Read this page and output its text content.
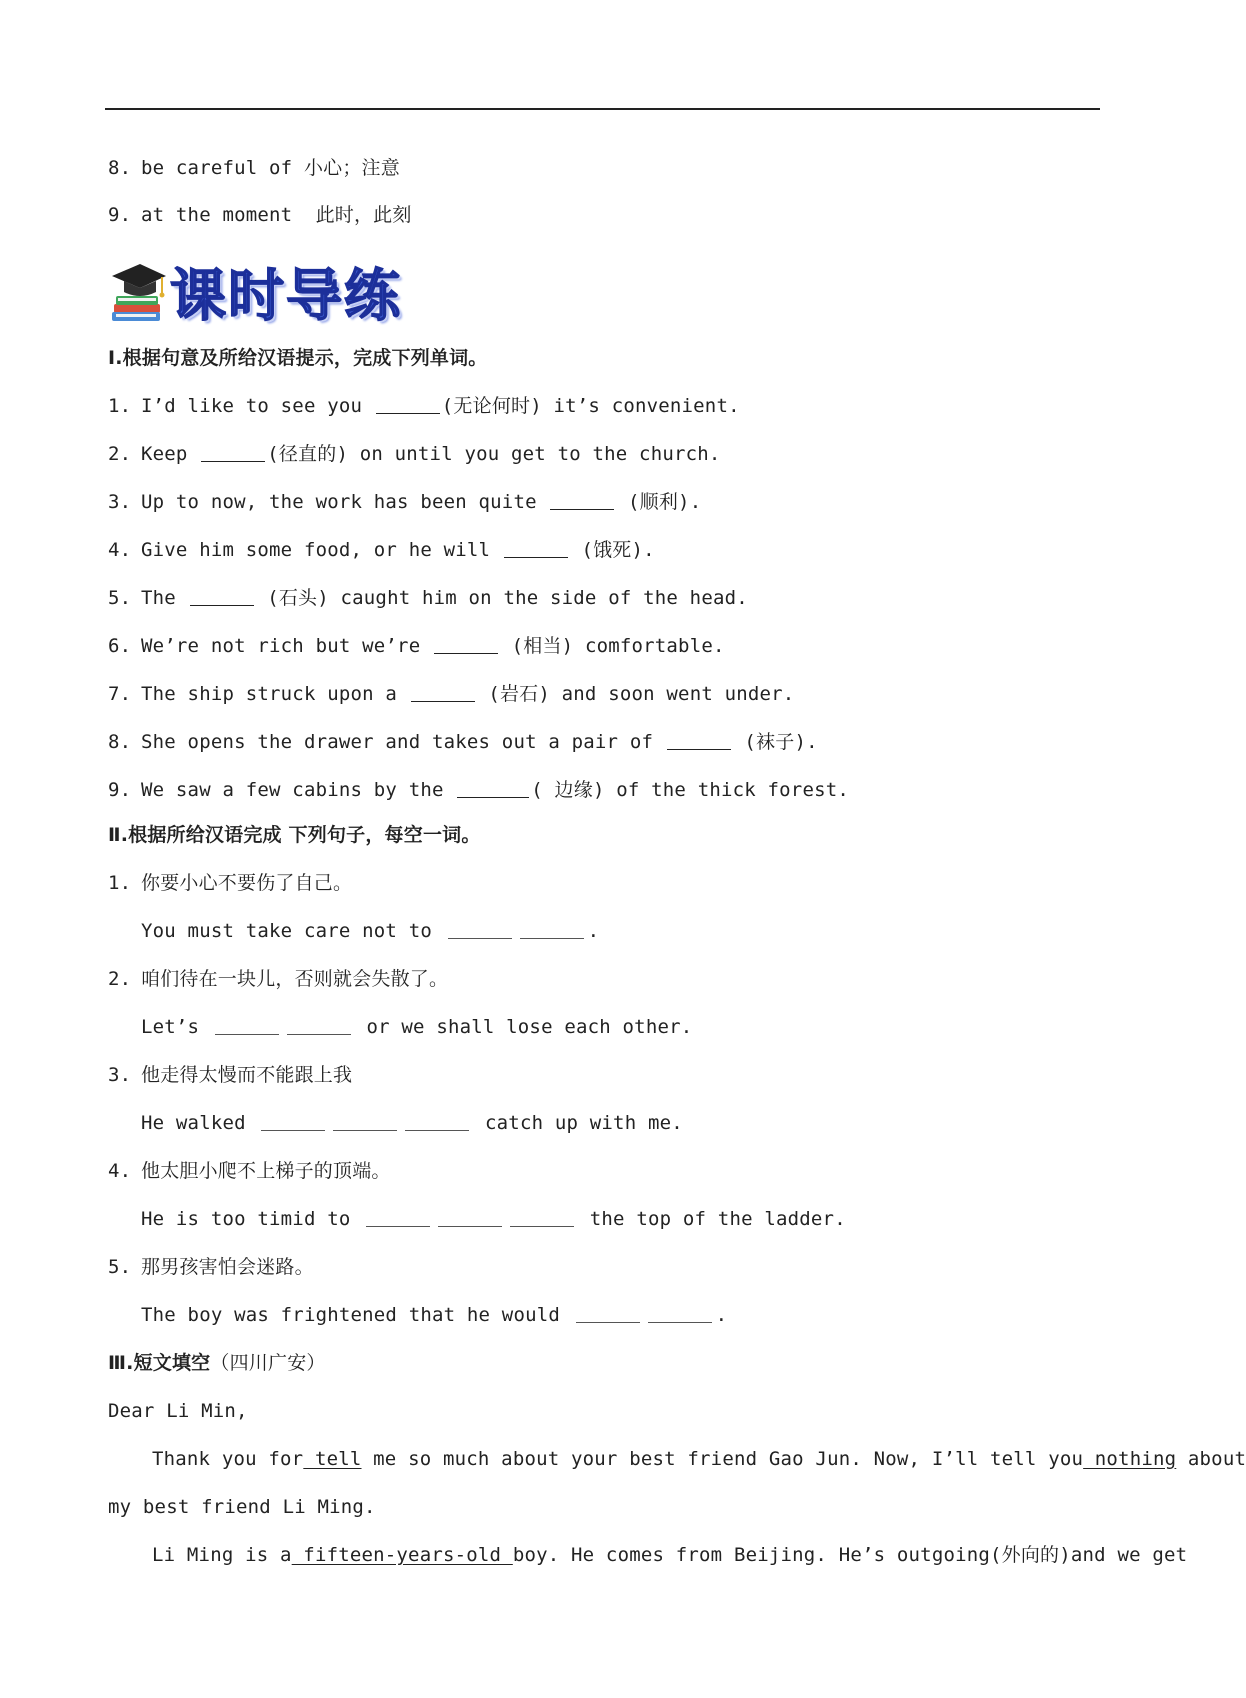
8. be careful of 小心；注意
9. at the moment  此时，此刻
课时导练
Ⅰ.根据句意及所给汉语提示，完成下列单词。
1. I’d like to see you	(无论何时) it’s convenient.
2. Keep	(径直的) on until you get to the church.
3. Up to now, the work has been quite	(顺利).
4. Give him some food, or he will	(饿死).
5. The	(石头) caught him on the side of the head.
6. We’re not rich but we’re	(相当) comfortable.
7. The ship struck upon a	(岩石) and soon went under.
8. She opens the drawer and takes out a pair of	(袜子).
9. We saw a few cabins by the	( 边缘) of the thick forest.
Ⅱ.根据所给汉语完成 下列句子，每空一词。
1. 你要小心不要伤了自己。
You must take care not to	.
2. 咱们待在一块儿，否则就会失散了。
Let’s	or we shall lose each other.
3. 他走得太慢而不能跟上我
He walked	catch up with me.
4. 他太胆小爬不上梯子的顶端。
He is too timid to	the top of the ladder.
5. 那男孩害怕会迷路。
The boy was frightened that he would	.
Ⅲ.短文填空（四川广安）
Dear Li Min,
Thank you for tell me so much about your best friend Gao Jun. Now, I’ll tell you nothing about
my best friend Li Ming.
Li Ming is a fifteen-years-old boy. He comes from Beijing. He’s outgoing(外向的)and we get
